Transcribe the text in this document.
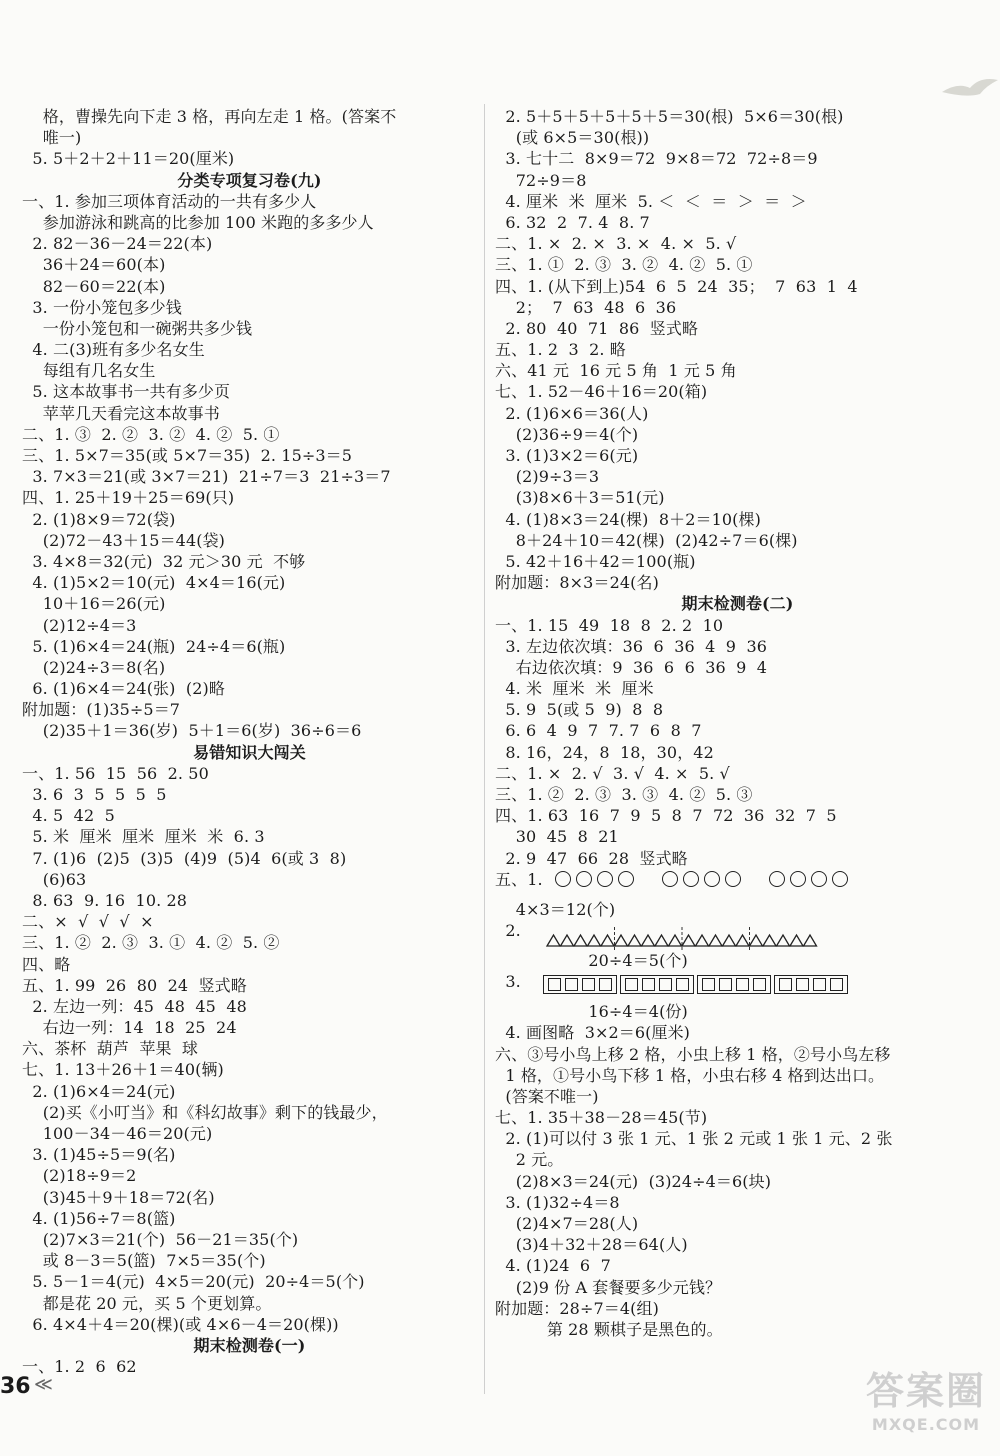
格，曹操先向下走 3 格，再向左走 1 格。(答案不
唯一)
5. 5＋2＋2＋11＝20(厘米)
分类专项复习卷(九)
一、1. 参加三项体育活动的一共有多少人
参加游泳和跳高的比参加 100 米跑的多多少人
2. 82－36－24＝22(本)
36＋24＝60(本)
82－60＝22(本)
3. 一份小笼包多少钱
一份小笼包和一碗粥共多少钱
4. 二(3)班有多少名女生
每组有几名女生
5. 这本故事书一共有多少页
苹苹几天看完这本故事书
二、1. ③  2. ②  3. ②  4. ②  5. ①
三、1. 5×7＝35(或 5×7＝35)  2. 15÷3＝5
3. 7×3＝21(或 3×7＝21)  21÷7＝3  21÷3＝7
四、1. 25＋19＋25＝69(只)
2. (1)8×9＝72(袋)
(2)72－43＋15＝44(袋)
3. 4×8＝32(元)  32 元＞30 元  不够
4. (1)5×2＝10(元)  4×4＝16(元)
10＋16＝26(元)
(2)12÷4＝3
5. (1)6×4＝24(瓶)  24÷4＝6(瓶)
(2)24÷3＝8(名)
6. (1)6×4＝24(张)  (2)略
附加题：(1)35÷5＝7
(2)35＋1＝36(岁)  5＋1＝6(岁)  36÷6＝6
易错知识大闯关
一、1. 56  15  56  2. 50
3. 6  3  5  5  5  5
4. 5  42  5
5. 米  厘米  厘米  厘米  米  6. 3
7. (1)6  (2)5  (3)5  (4)9  (5)4  6(或 3  8)
(6)63
8. 63  9. 16  10. 28
二、×  √  √  √  ×
三、1. ②  2. ③  3. ①  4. ②  5. ②
四、略
五、1. 99  26  80  24  竖式略
2. 左边一列：45  48  45  48
右边一列：14  18  25  24
六、茶杯  葫芦  苹果  球
七、1. 13＋26＋1＝40(辆)
2. (1)6×4＝24(元)
(2)买《小叮当》和《科幻故事》剩下的钱最少，
100－34－46＝20(元)
3. (1)45÷5＝9(名)
(2)18÷9＝2
(3)45＋9＋18＝72(名)
4. (1)56÷7＝8(篮)
(2)7×3＝21(个)  56－21＝35(个)
或 8－3＝5(篮)  7×5＝35(个)
5. 5－1＝4(元)  4×5＝20(元)  20÷4＝5(个)
都是花 20 元，买 5 个更划算。
6. 4×4＋4＝20(棵)(或 4×6－4＝20(棵))
期末检测卷(一)
一、1. 2  6  62
2. 5＋5＋5＋5＋5＋5＝30(根)  5×6＝30(根)
(或 6×5＝30(根))
3. 七十二  8×9＝72  9×8＝72  72÷8＝9
72÷9＝8
4. 厘米  米  厘米  5. ＜  ＜  ＝  ＞  ＝  ＞
6. 32  2  7. 4  8. 7
二、1. ×  2. ×  3. ×  4. ×  5. √
三、1. ①  2. ③  3. ②  4. ②  5. ①
四、1. (从下到上)54  6  5  24  35；  7  63  1  4
2；  7  63  48  6  36
2. 80  40  71  86  竖式略
五、1. 2  3  2. 略
六、41 元  16 元 5 角  1 元 5 角
七、1. 52－46＋16＝20(箱)
2. (1)6×6＝36(人)
(2)36÷9＝4(个)
3. (1)3×2＝6(元)
(2)9÷3＝3
(3)8×6＋3＝51(元)
4. (1)8×3＝24(棵)  8＋2＝10(棵)
8＋24＋10＝42(棵)  (2)42÷7＝6(棵)
5. 42＋16＋42＝100(瓶)
附加题：8×3＝24(名)
期末检测卷(二)
一、1. 15  49  18  8  2. 2  10
3. 左边依次填：36  6  36  4  9  36
右边依次填：9  36  6  6  36  9  4
4. 米  厘米  米  厘米
5. 9  5(或 5  9)  8  8
6. 6  4  9  7  7. 7  6  8  7
8. 16，24，8  18，30，42
二、1. ×  2. √  3. √  4. ×  5. √
三、1. ②  2. ③  3. ③  4. ②  5. ③
四、1. 63  16  7  9  5  8  7  72  36  32  7  5
30  45  8  21
2. 9  47  66  28  竖式略
五、1.
4×3＝12(个)
2.
20÷4＝5(个)
3.
16÷4＝4(份)
4. 画图略  3×2＝6(厘米)
六、③号小鸟上移 2 格，小虫上移 1 格，②号小鸟左移
1 格，①号小鸟下移 1 格，小虫右移 4 格到达出口。
(答案不唯一)
七、1. 35＋38－28＝45(节)
2. (1)可以付 3 张 1 元、1 张 2 元或 1 张 1 元、2 张
2 元。
(2)8×3＝24(元)  (3)24÷4＝6(块)
3. (1)32÷4＝8
(2)4×7＝28(人)
(3)4＋32＋28＝64(人)
4. (1)24  6  7
(2)9 份 A 套餐要多少元钱？
附加题：28÷7＝4(组)
第 28 颗棋子是黑色的。
36 ≪	答案圈
MXQE.COM
